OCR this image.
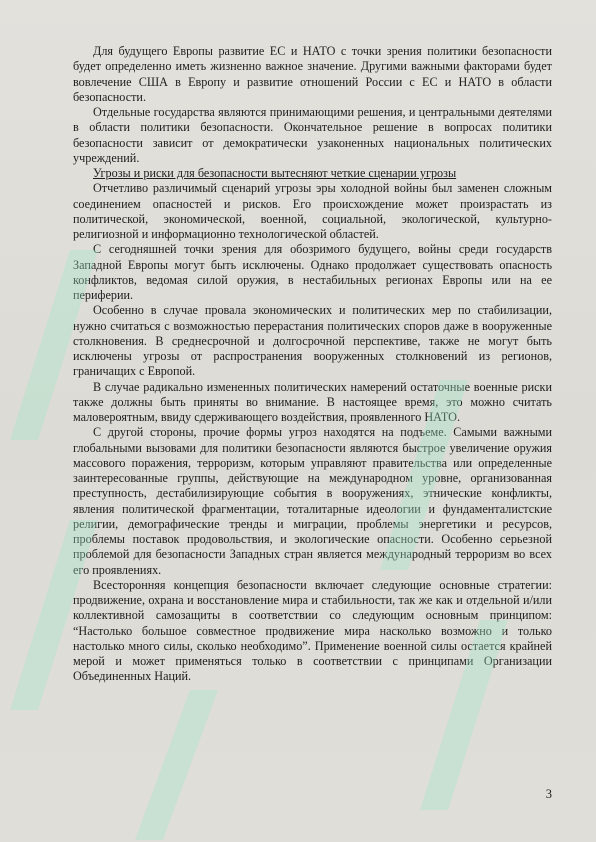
Для будущего Европы развитие ЕС и НАТО с точки зрения политики безопасности будет определенно иметь жизненно важное значение. Другими важными факторами будет вовлечение США в Европу и развитие отношений России с ЕС и НАТО в области безопасности.

Отдельные государства являются принимающими решения, и центральными деятелями в области политики безопасности. Окончательное решение в вопросах политики безопасности зависит от демократически узаконенных национальных политических учреждений.

Угрозы и риски для безопасности вытесняют четкие сценарии угрозы

Отчетливо различимый сценарий угрозы эры холодной войны был заменен сложным соединением опасностей и рисков. Его происхождение может произрастать из политической, экономической, военной, социальной, экологической, культурно-религиозной и информационно технологической областей.

С сегодняшней точки зрения для обозримого будущего, войны среди государств Западной Европы могут быть исключены. Однако продолжает существовать опасность конфликтов, ведомая силой оружия, в нестабильных регионах Европы или на ее периферии.

Особенно в случае провала экономических и политических мер по стабилизации, нужно считаться с возможностью перерастания политических споров даже в вооруженные столкновения. В среднесрочной и долгосрочной перспективе, также не могут быть исключены угрозы от распространения вооруженных столкновений из регионов, граничащих с Европой.

В случае радикально измененных политических намерений остаточные военные риски также должны быть приняты во внимание. В настоящее время, это можно считать маловероятным, ввиду сдерживающего воздействия, проявленного НАТО.

С другой стороны, прочие формы угроз находятся на подъеме. Самыми важными глобальными вызовами для политики безопасности являются быстрое увеличение оружия массового поражения, терроризм, которым управляют правительства или определенные заинтересованные группы, действующие на международном уровне, организованная преступность, дестабилизирующие события в вооружениях, этнические конфликты, явления политической фрагментации, тоталитарные идеологии и фундаменталистские религии, демографические тренды и миграции, проблемы энергетики и ресурсов, проблемы поставок продовольствия, и экологические опасности. Особенно серьезной проблемой для безопасности Западных стран является международный терроризм во всех его проявлениях.

Всесторонняя концепция безопасности включает следующие основные стратегии: продвижение, охрана и восстановление мира и стабильности, так же как и отдельной и/или коллективной самозащиты в соответствии со следующим основным принципом: “Настолько большое совместное продвижение мира насколько возможно и только настолько много силы, сколько необходимо”. Применение военной силы остается крайней мерой и может применяться только в соответствии с принципами Организации Объединенных Наций.

3
